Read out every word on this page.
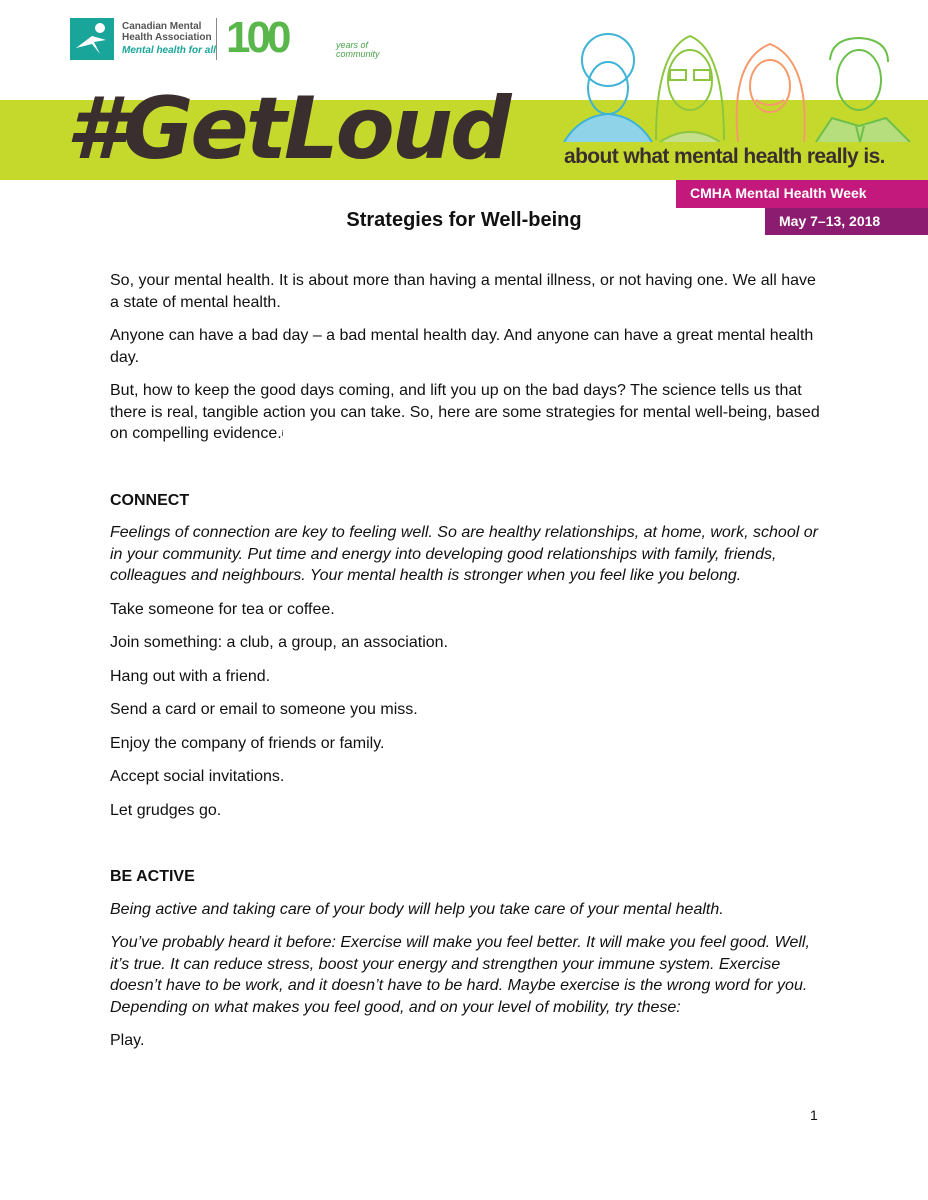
Canadian Mental Health Association
Mental health for all 100	years of community
#GetLoud	about what mental health really is.
CMHA Mental Health Week
May 7–13, 2018
Strategies for Well-being

So, your mental health. It is about more than having a mental illness, or not having one. We all have a state of mental health.

Anyone can have a bad day – a bad mental health day. And anyone can have a great mental health day.

But, how to keep the good days coming, and lift you up on the bad days? The science tells us that there is real, tangible action you can take. So, here are some strategies for mental well-being, based on compelling evidence.$^i$

CONNECT

Feelings of connection are key to feeling well. So are healthy relationships, at home, work, school or in your community. Put time and energy into developing good relationships with family, friends, colleagues and neighbours. Your mental health is stronger when you feel like you belong.

Take someone for tea or coffee.

Join something: a club, a group, an association.

Hang out with a friend.

Send a card or email to someone you miss.

Enjoy the company of friends or family.

Accept social invitations.

Let grudges go.

BE ACTIVE

Being active and taking care of your body will help you take care of your mental health.

You’ve probably heard it before: Exercise will make you feel better. It will make you feel good. Well, it’s true. It can reduce stress, boost your energy and strengthen your immune system. Exercise doesn’t have to be work, and it doesn’t have to be hard. Maybe exercise is the wrong word for you. Depending on what makes you feel good, and on your level of mobility, try these:

Play.

1
